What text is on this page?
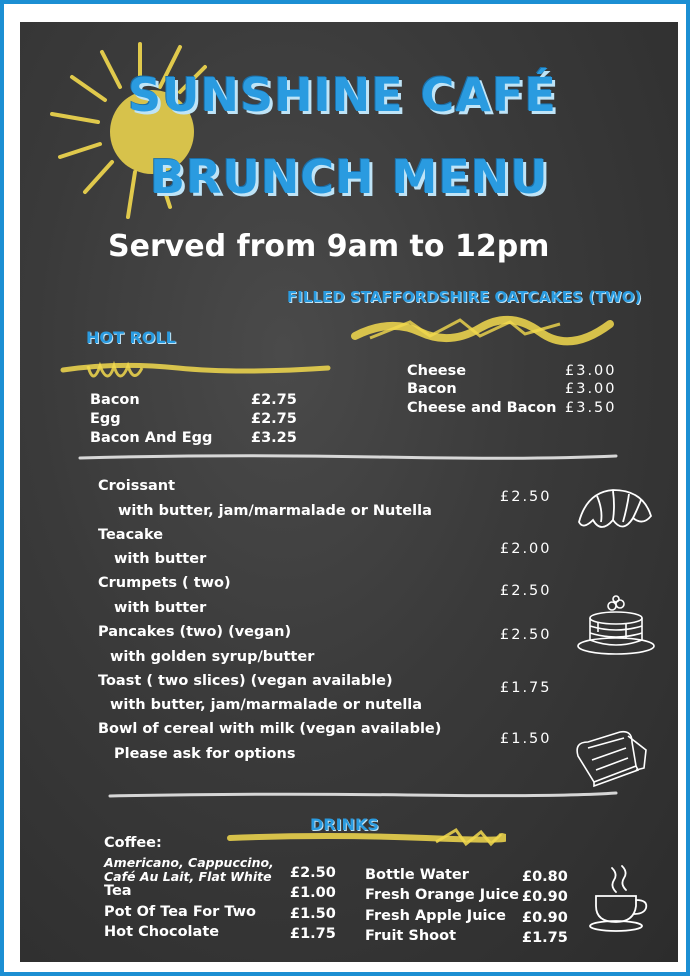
SUNSHINE CAFÉ
BRUNCH MENU
Served from 9am to 12pm
FILLED STAFFORDSHIRE OATCAKES (TWO)
Cheese	£3.00
Bacon	£3.00
Cheese and Bacon £3.50
HOT ROLL
Bacon	£2.75
Egg	£2.75
Bacon And Egg	£3.25
Croissant
with butter, jam/marmalade or Nutella
£2.50
Teacake
with butter
£2.00
Crumpets ( two)
with butter
£2.50
Pancakes (two) (vegan)
with golden syrup/butter
£2.50
Toast ( two slices) (vegan available)
with butter, jam/marmalade or nutella
£1.75
Bowl of cereal with milk (vegan available)
Please ask for options
£1.50
DRINKS
Coffee:
Americano, Cappuccino,
Café Au Lait, Flat White £2.50
Tea	£1.00
Pot Of Tea For Two £1.50
Hot Chocolate	£1.75
Bottle Water	£0.80
Fresh Orange Juice £0.90
Fresh Apple Juice £0.90
Fruit Shoot	£1.75
